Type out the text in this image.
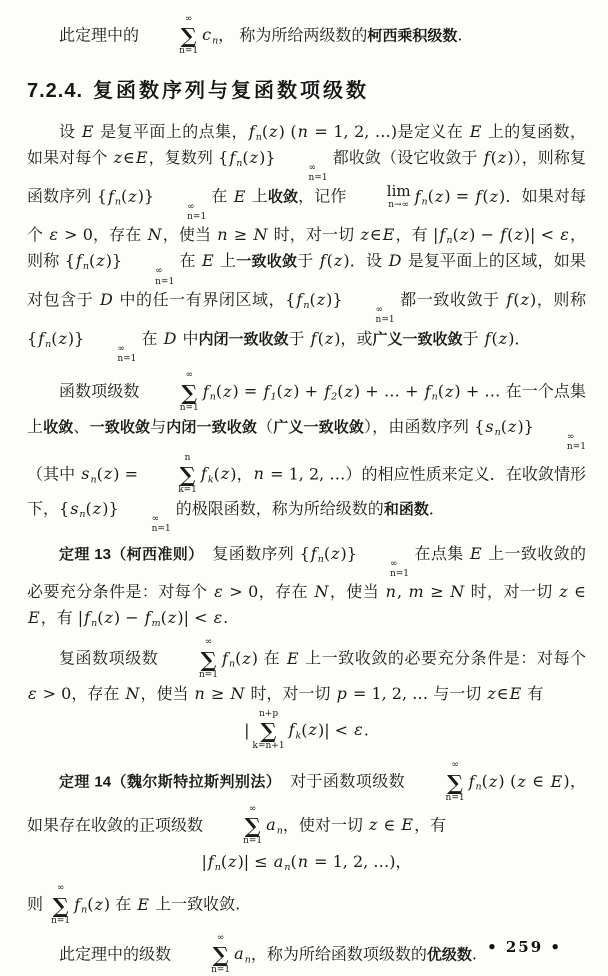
此定理中的
∞
∑
n=1
$c_n$， 称为所给两级数的柯西乘积级数.

7.2.4. 复函数序列与复函数项级数

设 E 是复平面上的点集，$f_n(z) (n = 1$, 2, …)是定义在 E 上的复函数，如果对每个 z∈E，复数列 $\{f_n(z)\}$
∞
n=1
都收敛（设它收敛于 f(z)），则称复函数序列 $\{f_n(z)\}$
∞
n=1
在 E 上收敛，记作	lim
n→∞ $f_n(z) = f(z)$．如果对每个 ε > 0，存在 N，使当 n ≥ N 时，对一切 z∈E，有 $|f_n(z) - f(z)| < \varepsilon$，则称 $\{f_n(z)\}$
∞
n=1
在 E 上一致收敛于 f(z)．设 D 是复平面上的区域，如果对包含于 D 中的任一有界闭区域，$\{f_n(z)\}$
∞
n=1
都一致收敛于 f(z)，则称 $\{f_n(z)\}$
∞
n=1
在 D 中内闭一致收敛于 f(z)，或广义一致收敛于 f(z)．

函数项级数
∞
∑
n=1
$f_n(z) = f_1(z) + f_2(z)$ + … + $f_n(z)$ + … 在一个点集上收敛、一致收敛与内闭一致收敛（广义一致收敛），由函数序列 $\{s_n(z)\}$
∞
n=1
（其中 $s_n(z)$ =
n
∑
k=1
$f_k(z)$，n = 1, 2, …）的相应性质来定义．在收敛情形下，$\{s_n(z)\}$
∞
n=1
的极限函数，称为所给级数的和函数．

定理 13（柯西准则）　复函数序列 $\{f_n(z)\}$
∞
n=1
在点集 E 上一致收敛的必要充分条件是：对每个 ε > 0，存在 N，使当 n, m ≥ N 时，对一切 z ∈ E，有 $|f_n(z) - f_m(z)| < \varepsilon$.

复函数项级数
∞
∑
n=1
$f_n(z)$ 在 E 上一致收敛的必要充分条件是：对每个 ε > 0，存在 N，使当 n ≥ N 时，对一切 p = 1, 2, … 与一切 z∈E 有

|
n+p
∑
k=n+1
$f_k(z)| < \varepsilon$.

定理 14（魏尔斯特拉斯判别法）　对于函数项级数
∞
∑
n=1
$f_n(z)$ (z ∈ E)，如果存在收敛的正项级数
∞
∑
n=1
$a_n$，使对一切 z ∈ E，有

$|f_n(z)| \le a_n(n = 1$, 2, …)，

则
∞
∑
n=1
$f_n(z)$ 在 E 上一致收敛.

此定理中的级数
∞
∑
n=1
$a_n$，称为所给函数项级数的优级数. • 259 •
